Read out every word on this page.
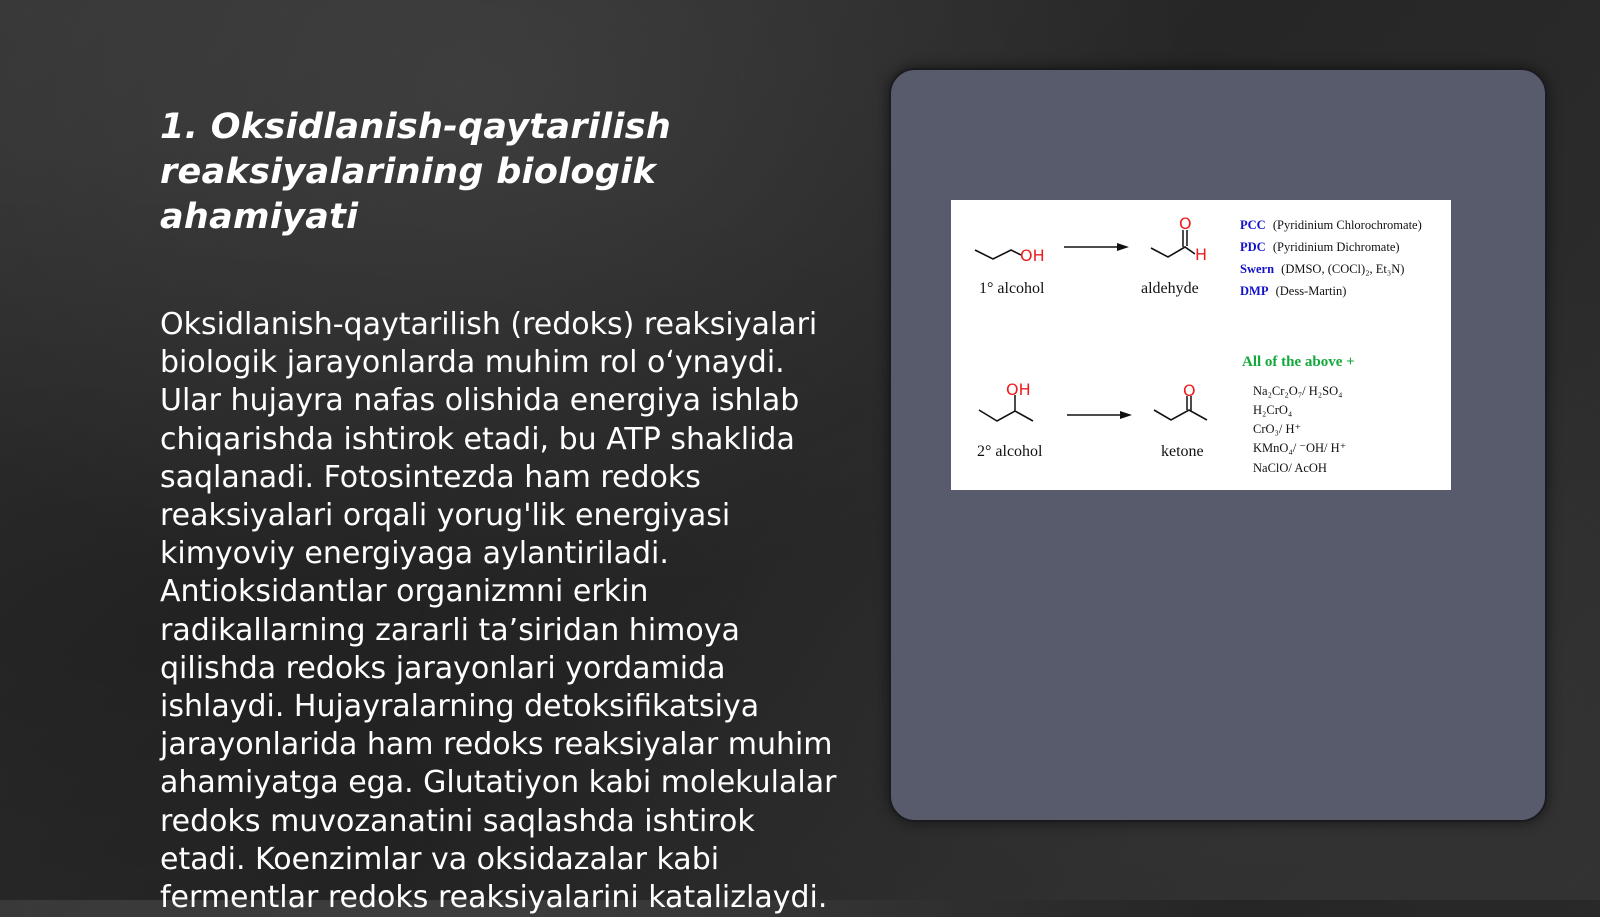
1. Oksidlanish-qaytarilish reaksiyalarining biologik ahamiyati

Oksidlanish-qaytarilish (redoks) reaksiyalari biologik jarayonlarda muhim rol o‘ynaydi. Ular hujayra nafas olishida energiya ishlab chiqarishda ishtirok etadi, bu ATP shaklida saqlanadi. Fotosintezda ham redoks reaksiyalari orqali yorug'lik energiyasi kimyoviy energiyaga aylantiriladi. Antioksidantlar organizmni erkin radikallarning zararli ta’siridan himoya qilishda redoks jarayonlari yordamida ishlaydi. Hujayralarning detoksifikatsiya jarayonlarida ham redoks reaksiyalar muhim ahamiyatga ega. Glutatiyon kabi molekulalar redoks muvozanatini saqlashda ishtirok etadi. Koenzimlar va oksidazalar kabi fermentlar redoks reaksiyalarini katalizlaydi.

OH
1° alcohol
O
H
aldehyde
PCC (Pyridinium Chlorochromate)
PDC (Pyridinium Dichromate)
Swern (DMSO, (COCl)₂, Et₃N)
DMP (Dess-Martin)
All of the above +
OH
2° alcohol
O
ketone
Na₂Cr₂O₇/ H₂SO₄
H₂CrO₄
CrO₃/ H⁺
KMnO₄/ ⁻OH/ H⁺
NaClO/ AcOH
